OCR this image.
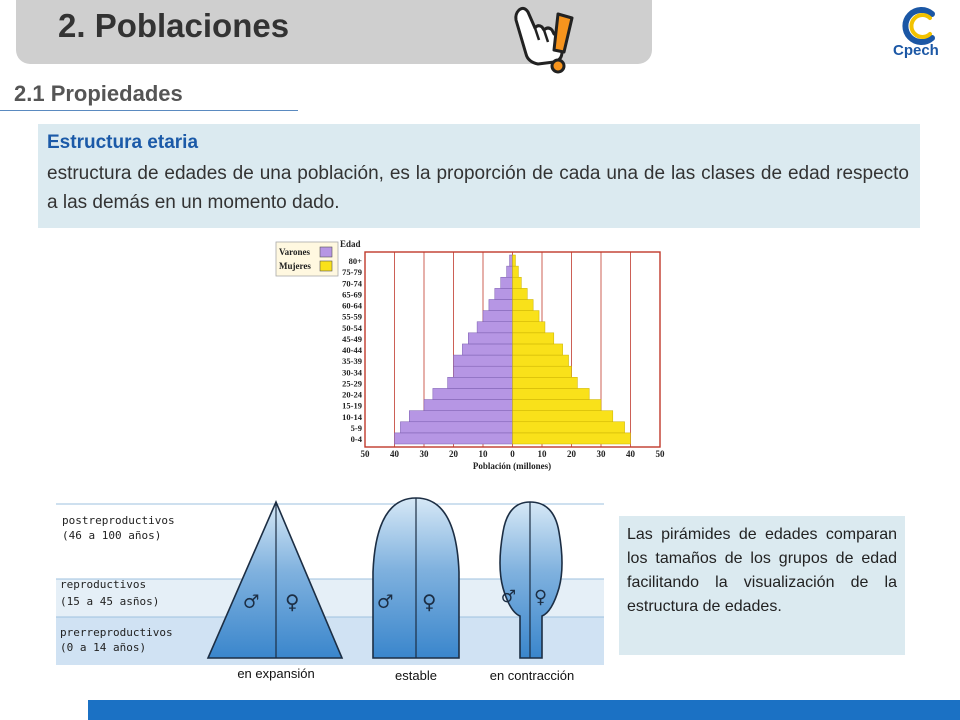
2. Poblaciones
Cpech
2.1 Propiedades
Estructura etaria
estructura de edades de una población, es la proporción de cada una de las clases de edad respecto a las demás en un momento dado.
Varones
Mujeres
Edad
0-4
5-9
10-14
15-19
20-24
25-29
30-34
35-39
40-44
45-49
50-54
55-59
60-64
65-69
70-74
75-79
80+
50 40 30 20 10	0	10 20 30 40 50
Población (millones)
postreproductivos
(46 a 100 años)
reproductivos
(15 a 45 asños)
prerreproductivos
(0 a 14 años)
♂ ♀	♂ ♀	♂ ♀
en expansión	estable	en contracción
Las pirámides de edades comparan los tamaños de los grupos de edad facilitando la visualización de la estructura de edades.
